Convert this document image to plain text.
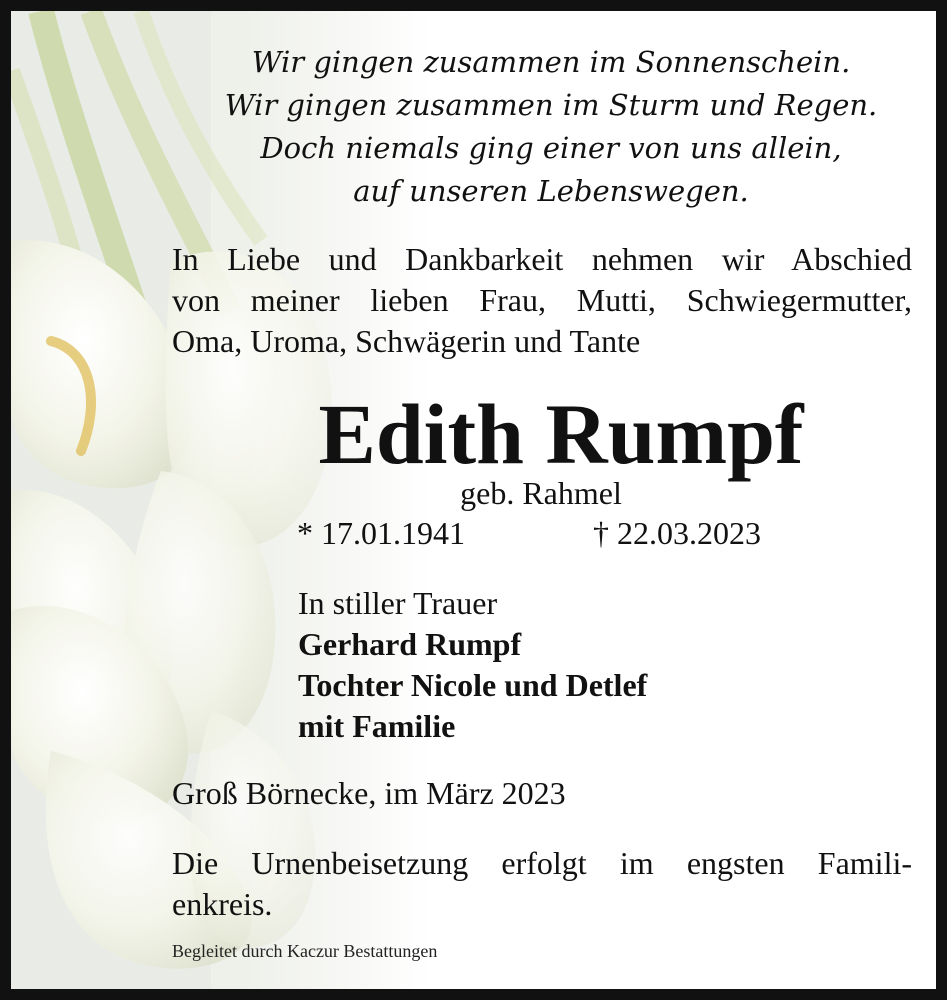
Wir gingen zusammen im Sonnenschein.
Wir gingen zusammen im Sturm und Regen.
Doch niemals ging einer von uns allein,
auf unseren Lebenswegen.
In Liebe und Dankbarkeit nehmen wir Abschied
von meiner lieben Frau, Mutti, Schwiegermutter,
Oma, Uroma, Schwägerin und Tante
Edith Rumpf
geb. Rahmel
* 17.01.1941	† 22.03.2023
In stiller Trauer
Gerhard Rumpf
Tochter Nicole und Detlef
mit Familie
Groß Börnecke, im März 2023
Die Urnenbeisetzung erfolgt im engsten Famili-
enkreis.
Begleitet durch Kaczur Bestattungen
